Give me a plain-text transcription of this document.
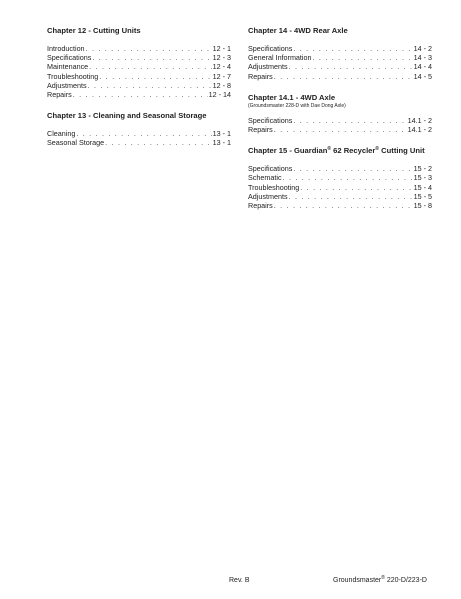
Chapter 12 - Cutting Units
Introduction . . .	12 - 1
Specifications . . .	12 - 3
Maintenance . . .	12 - 4
Troubleshooting . . .	12 - 7
Adjustments . . .	12 - 8
Repairs . . .	12 - 14
Chapter 13 - Cleaning and Seasonal Storage
Cleaning . . .	13 - 1
Seasonal Storage . . .	13 - 1
Chapter 14 - 4WD Rear Axle
Specifications . . .	14 - 2
General Information . . .	14 - 3
Adjustments . . .	14 - 4
Repairs . . .	14 - 5
Chapter 14.1 - 4WD Axle
(Groundsmaster 228-D with Dae Dong Axle)
Specifications . . .	14.1 - 2
Repairs . . .	14.1 - 2
Chapter 15 - Guardian® 62 Recycler® Cutting Unit
Specifications . . .	15 - 2
Schematic . . .	15 - 3
Troubleshooting . . .	15 - 4
Adjustments . . .	15 - 5
Repairs . . .	15 - 8
Rev. B	Groundsmaster® 220-D/223-D
